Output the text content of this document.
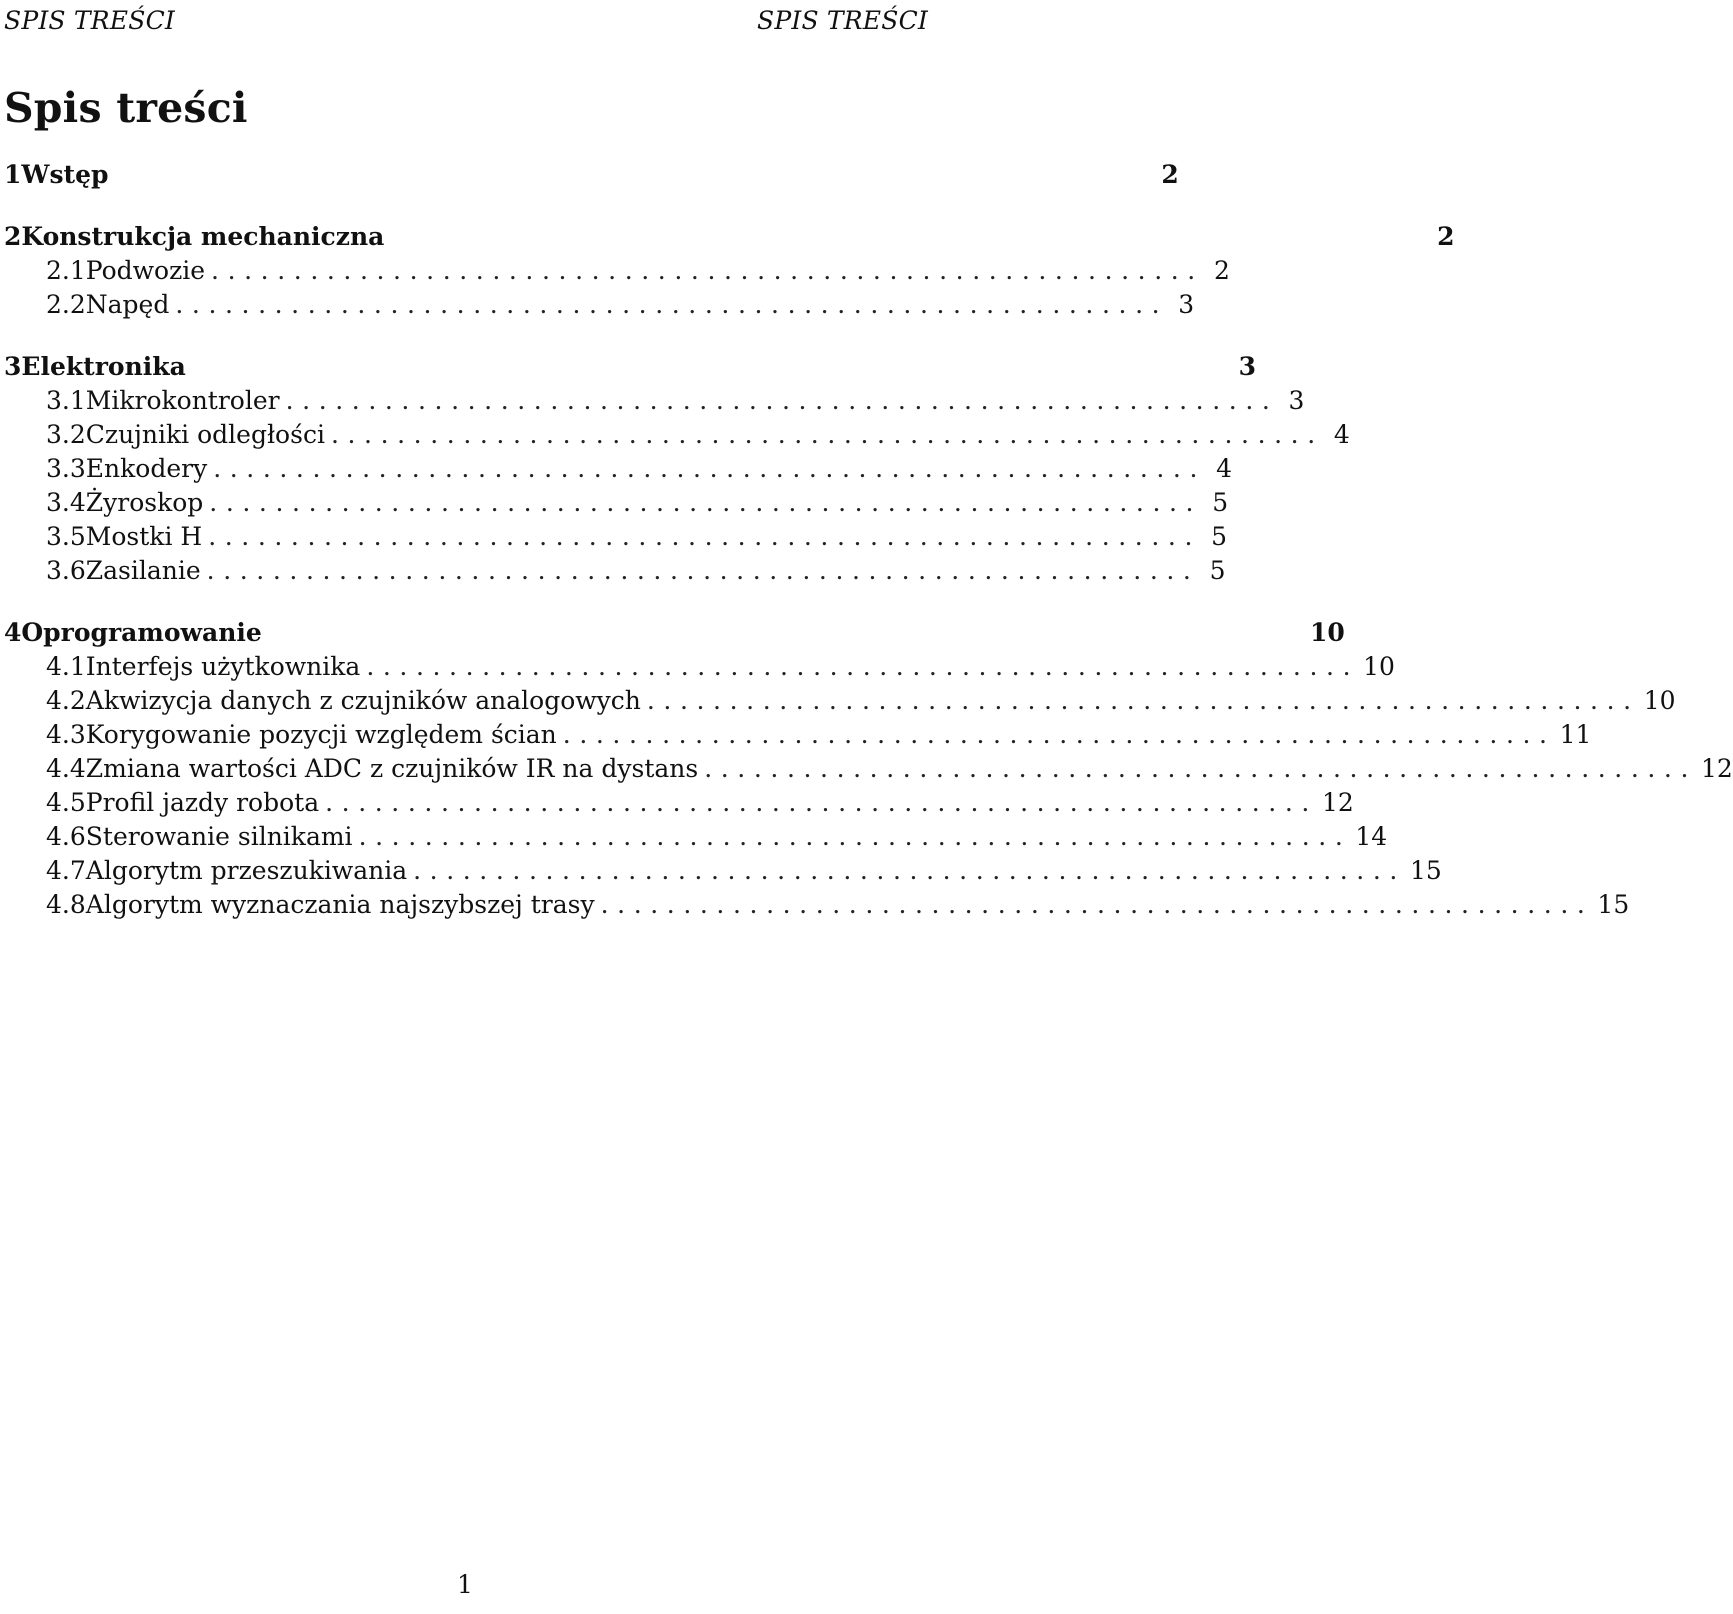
SPIS TREŚCI	SPIS TREŚCI
Spis treści
1 Wstęp	2
2 Konstrukcja mechaniczna	2
2.1 Podwozie ............................................................ 2
2.2 Napęd ............................................................ 3
3 Elektronika	3
3.1 Mikrokontroler ............................................................ 3
3.2 Czujniki odległości ............................................................ 4
3.3 Enkodery ............................................................ 4
3.4 Żyroskop ............................................................ 5
3.5 Mostki H ............................................................ 5
3.6 Zasilanie ............................................................ 5
4 Oprogramowanie	10
4.1 Interfejs użytkownika ............................................................ 10
4.2 Akwizycja danych z czujników analogowych ............................................................ 10
4.3 Korygowanie pozycji względem ścian ............................................................ 11
4.4 Zmiana wartości ADC z czujników IR na dystans ............................................................ 12
4.5 Profil jazdy robota ............................................................ 12
4.6 Sterowanie silnikami ............................................................ 14
4.7 Algorytm przeszukiwania ............................................................ 15
4.8 Algorytm wyznaczania najszybszej trasy ............................................................ 15
1
